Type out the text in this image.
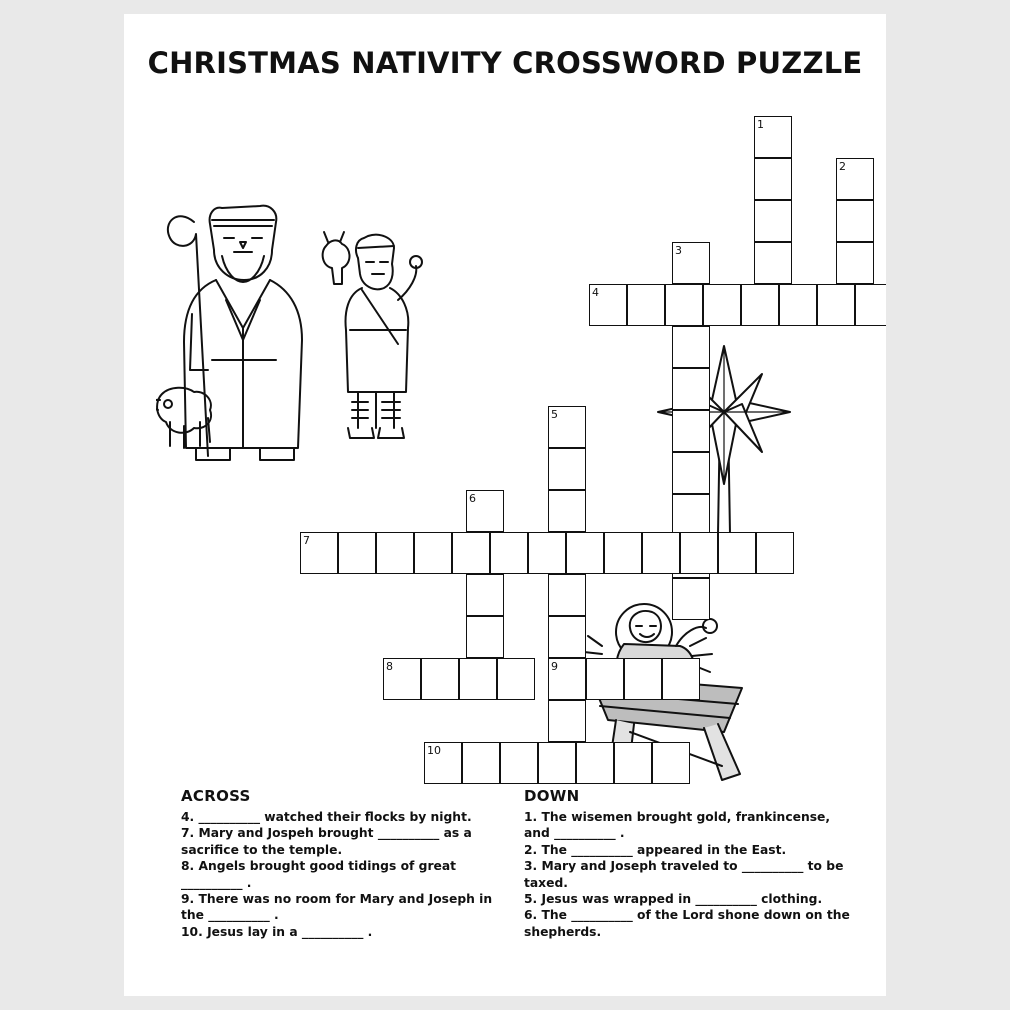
CHRISTMAS NATIVITY CROSSWORD PUZZLE
1
2
3
4
5
6
7
8	9
10
ACROSS

4. __________ watched their flocks by night.

7. Mary and Jospeh brought __________ as a sacrifice to the temple.

8. Angels brought good tidings of great __________ .

9. There was no room for Mary and Joseph in the __________ .

10. Jesus lay in a __________ .

DOWN

1. The wisemen brought gold, frankincense, and __________ .

2. The __________ appeared in the East.

3. Mary and Joseph traveled to __________ to be taxed.

5. Jesus was wrapped in __________ clothing.

6. The __________ of the Lord shone down on the shepherds.
